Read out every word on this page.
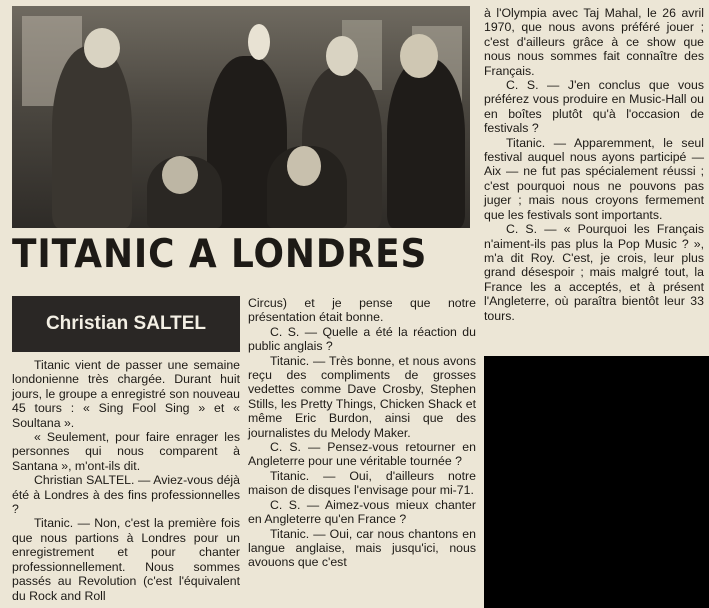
TITANIC A LONDRES
Christian SALTEL

Titanic vient de passer une semaine londonienne très chargée. Durant huit jours, le groupe a enregistré son nouveau 45 tours : « Sing Fool Sing » et « Soultana ».

« Seulement, pour faire enrager les personnes qui nous comparent à Santana », m'ont-ils dit.

Christian SALTEL. — Aviez-vous déjà été à Londres à des fins professionnelles ?

Titanic. — Non, c'est la première fois que nous partions à Londres pour un enregistrement et pour chanter professionnellement. Nous sommes passés au Revolution (c'est l'équivalent du Rock and Roll

Circus) et je pense que notre présentation était bonne.

C. S. — Quelle a été la réaction du public anglais ?

Titanic. — Très bonne, et nous avons reçu des compliments de grosses vedettes comme Dave Crosby, Stephen Stills, les Pretty Things, Chicken Shack et même Eric Burdon, ainsi que des journalistes du Melody Maker.

C. S. — Pensez-vous retourner en Angleterre pour une véritable tournée ?

Titanic. — Oui, d'ailleurs notre maison de disques l'envisage pour mi-71.

C. S. — Aimez-vous mieux chanter en Angleterre qu'en France ?

Titanic. — Oui, car nous chantons en langue anglaise, mais jusqu'ici, nous avouons que c'est

à l'Olympia avec Taj Mahal, le 26 avril 1970, que nous avons préféré jouer ; c'est d'ailleurs grâce à ce show que nous nous sommes fait connaître des Français.

C. S. — J'en conclus que vous préférez vous produire en Music-Hall ou en boîtes plutôt qu'à l'occasion de festivals ?

Titanic. — Apparemment, le seul festival auquel nous ayons participé — Aix — ne fut pas spécialement réussi ; c'est pourquoi nous ne pouvons pas juger ; mais nous croyons fermement que les festivals sont importants.

C. S. — « Pourquoi les Français n'aiment-ils pas plus la Pop Music ? », m'a dit Roy. C'est, je crois, leur plus grand désespoir ; mais malgré tout, la France les a acceptés, et à présent l'Angleterre, où paraîtra bientôt leur 33 tours.
